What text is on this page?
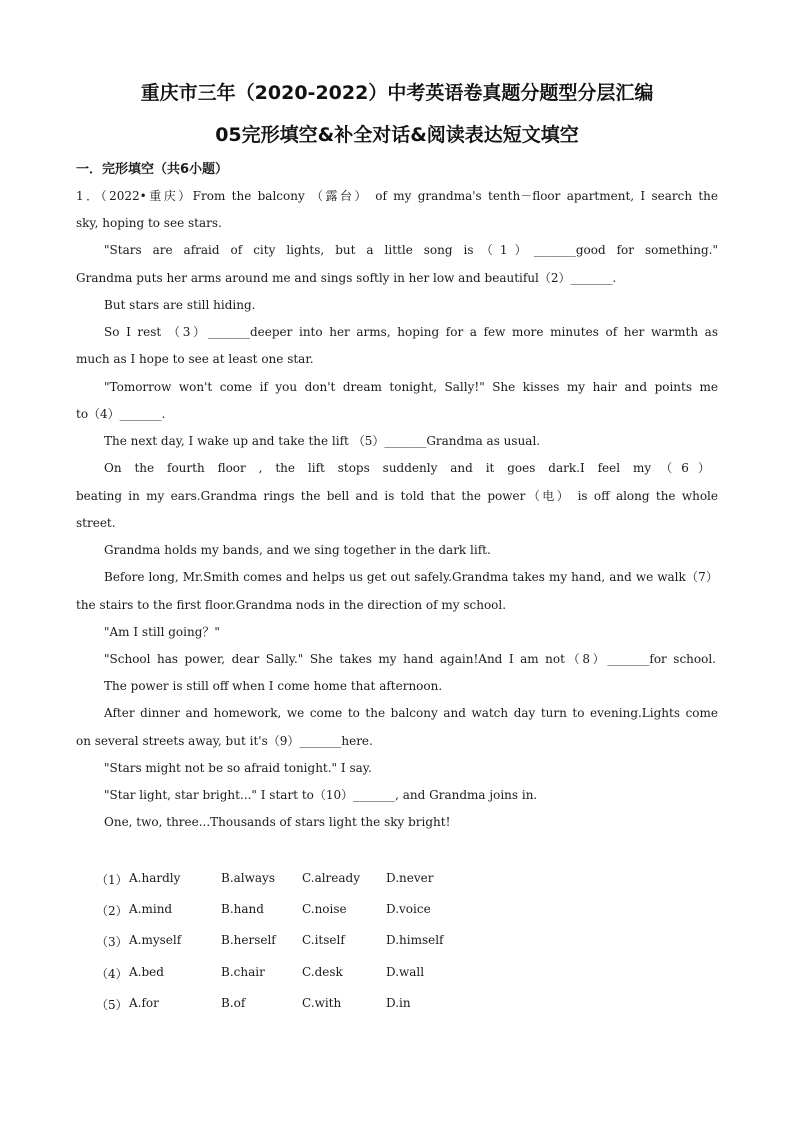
重庆市三年（2020-2022）中考英语卷真题分题型分层汇编
05完形填空&补全对话&阅读表达短文填空
一．完形填空（共6小题）
1．（2022•重庆）From the balcony （露台） of my grandma's tenth－floor apartment, I search the
sky, hoping to see stars.
"Stars are afraid of city lights, but a little song is（1）_______good for something."
Grandma puts her arms around me and sings softly in her low and beautiful（2）_______.
But stars are still hiding.
So I rest （3）_______deeper into her arms, hoping for a few more minutes of her warmth as
much as I hope to see at least one star.
"Tomorrow won't come if you don't dream tonight, Sally!" She kisses my hair and points me
to（4）_______.
The next day, I wake up and take the lift （5）_______Grandma as usual.
On the fourth floor , the lift stops suddenly and it goes dark.I feel my（6）
beating in my ears.Grandma rings the bell and is told that the power（电） is off along the whole
street.
Grandma holds my bands, and we sing together in the dark lift.
Before long, Mr.Smith comes and helps us get out safely.Grandma takes my hand, and we walk（7）
the stairs to the first floor.Grandma nods in the direction of my school.
"Am I still going？"
"School has power, dear Sally." She takes my hand again!And I am not（8）_______for school.
The power is still off when I come home that afternoon.
After dinner and homework, we come to the balcony and watch day turn to evening.Lights come
on several streets away, but it's（9）_______here.
"Stars might not be so afraid tonight." I say.
"Star light, star bright..." I start to（10）_______, and Grandma joins in.
One, two, three...Thousands of stars light the sky bright!
（1） A.hardly	B.always C.already D.never
（2） A.mind	B.hand	C.noise	D.voice
（3） A.myself	B.herself C.itself	D.himself
（4） A.bed	B.chair	C.desk	D.wall
（5） A.for	B.of	C.with	D.in
